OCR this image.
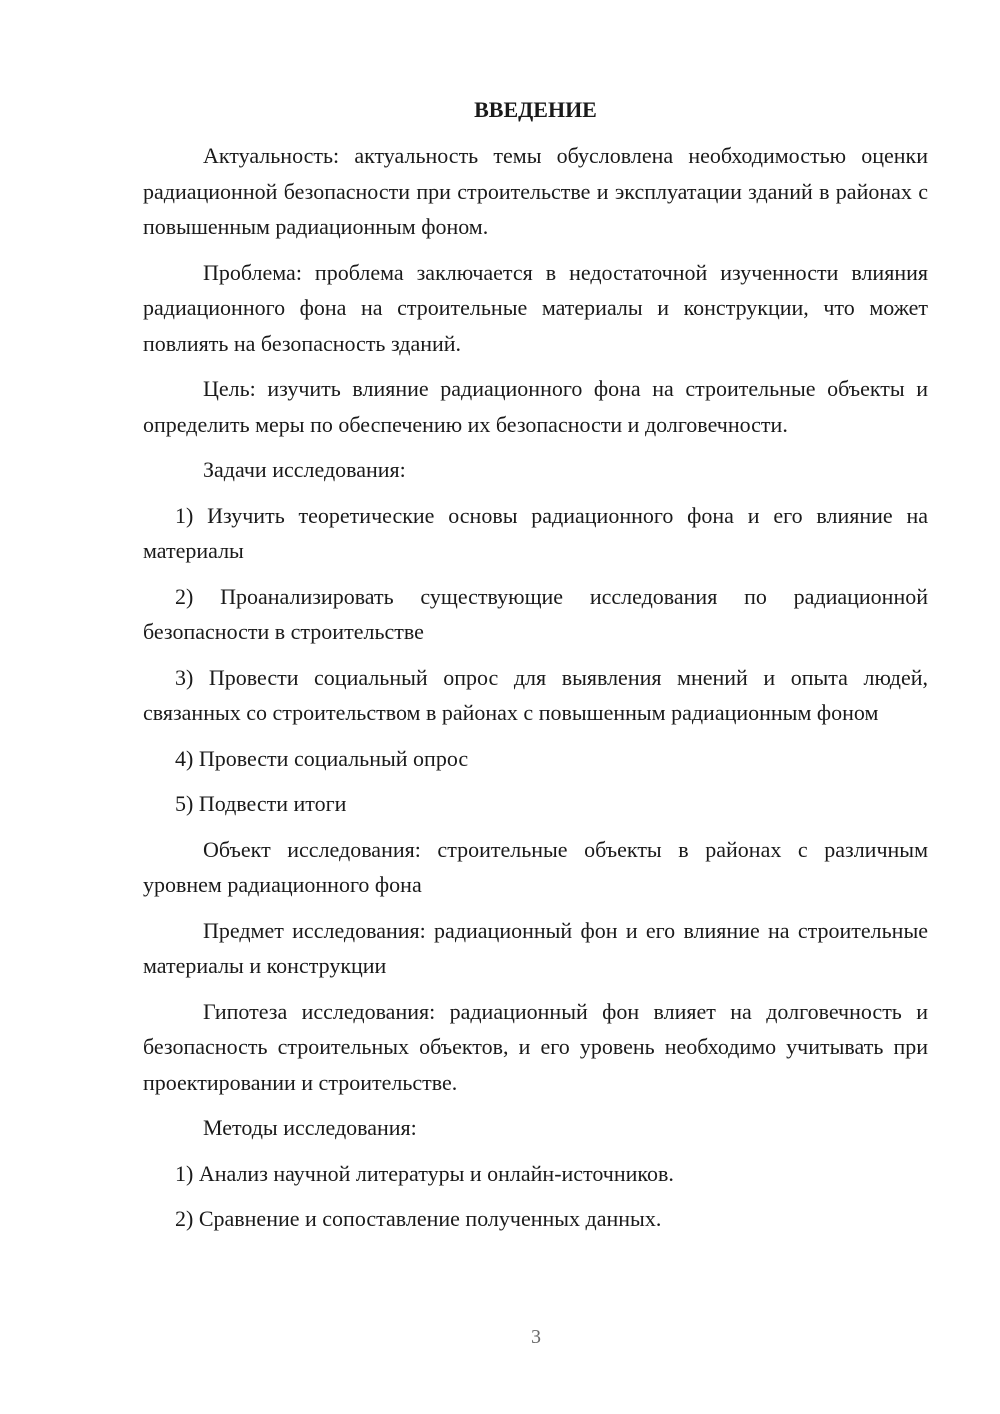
ВВЕДЕНИЕ

Актуальность: актуальность темы обусловлена необходимостью оценки радиационной безопасности при строительстве и эксплуатации зданий в районах с повышенным радиационным фоном.

Проблема: проблема заключается в недостаточной изученности влияния радиационного фона на строительные материалы и конструкции, что может повлиять на безопасность зданий.

Цель: изучить влияние радиационного фона на строительные объекты и определить меры по обеспечению их безопасности и долговечности.

Задачи исследования:

1) Изучить теоретические основы радиационного фона и его влияние на материалы

2) Проанализировать существующие исследования по радиационной безопасности в строительстве

3) Провести социальный опрос для выявления мнений и опыта людей, связанных со строительством в районах с повышенным радиационным фоном

4) Провести социальный опрос

5) Подвести итоги

Объект исследования: строительные объекты в районах с различным уровнем радиационного фона

Предмет исследования: радиационный фон и его влияние на строительные материалы и конструкции

Гипотеза исследования: радиационный фон влияет на долговечность и безопасность строительных объектов, и его уровень необходимо учитывать при проектировании и строительстве.

Методы исследования:

1) Анализ научной литературы и онлайн-источников.

2) Сравнение и сопоставление полученных данных.

3
